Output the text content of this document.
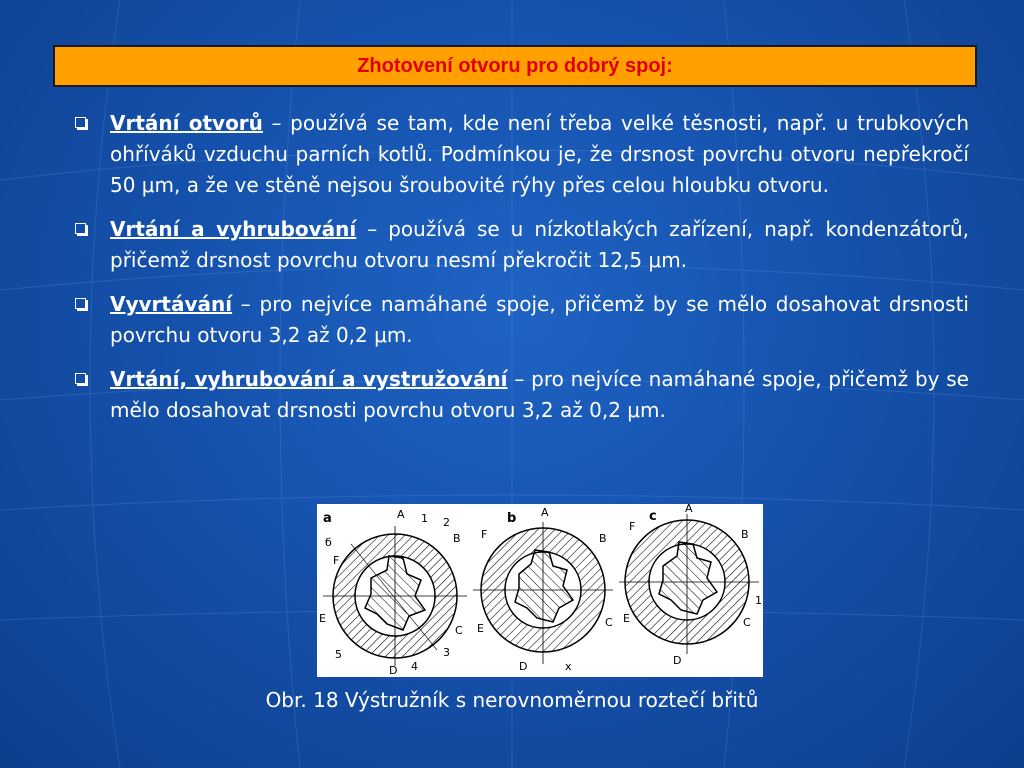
Zhotovení otvoru pro dobrý spoj:
Vrtání otvorů – používá se tam, kde není třeba velké těsnosti, např. u trubkových ohříváků vzduchu parních kotlů. Podmínkou je, že drsnost povrchu otvoru nepřekročí 50 μm, a že ve stěně nejsou šroubovité rýhy přes celou hloubku otvoru.
Vrtání a vyhrubování – používá se u nízkotlakých zařízení, např. kondenzátorů, přičemž drsnost povrchu otvoru nesmí překročit 12,5 μm.
Vyvrtávání – pro nejvíce namáhané spoje, přičemž by se mělo dosahovat drsnosti povrchu otvoru 3,2 až 0,2 μm.
Vrtání, vyhrubování a vystružování – pro nejvíce namáhané spoje, přičemž by se mělo dosahovat drsnosti povrchu otvoru 3,2 až 0,2 μm.
a	A 1 2
B
б
F
E
5
4
D
3
C
b A
F	B
E	C
D	x
c
A
F
B
1
E	C
D
Obr. 18 Výstružník s nerovnoměrnou roztečí břitů
